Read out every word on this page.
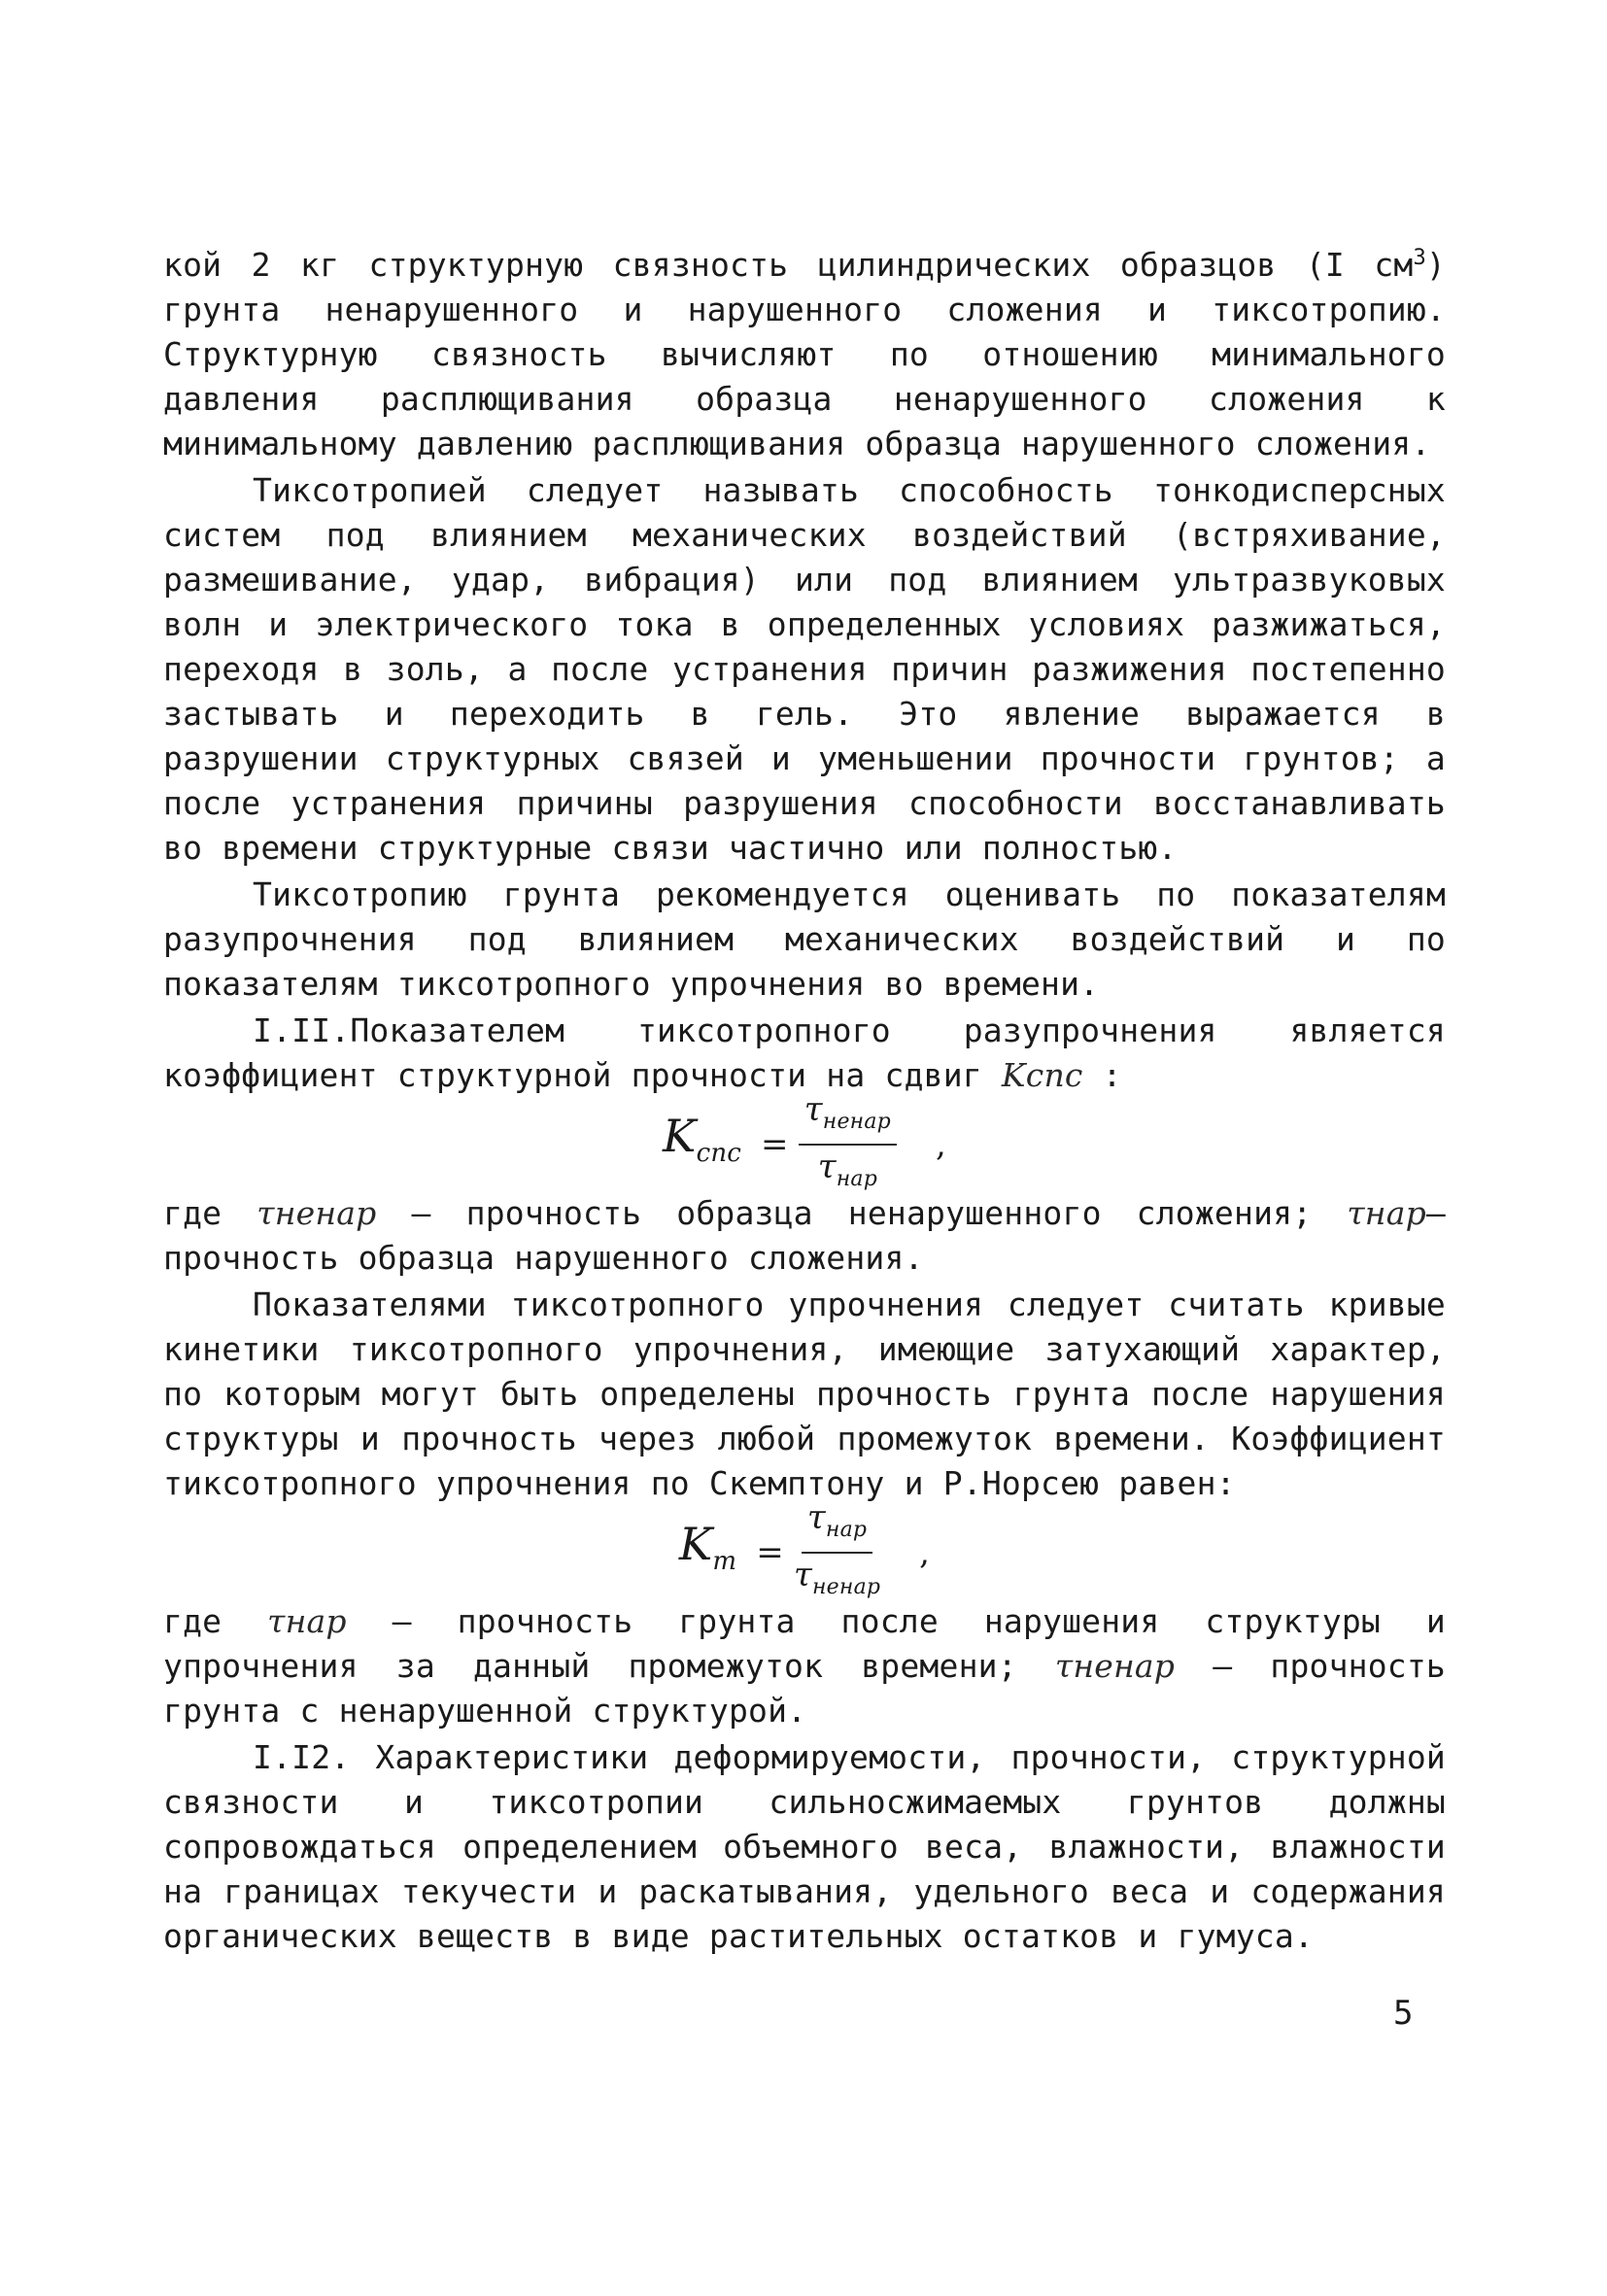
кой 2 кг структурную связность цилиндрических образцов (I $см^3$) грунта ненарушенного и нарушенного сложения и тиксотропию. Структурную связность вычисляют по отношению минимального давления расплющивания образца ненарушенного сложения к минимальному давлению расплющивания образца нарушенного сложения.

Тиксотропией следует называть способность тонкодисперсных систем под влиянием механических воздействий (встряхивание, размешивание, удар, вибрация) или под влиянием ультразвуковых волн и электрического тока в определенных условиях разжижаться, переходя в золь, а после устранения причин разжижения постепенно застывать и переходить в гель. Это явление выражается в разрушении структурных связей и уменьшении прочности грунтов; а после устранения причины разрушения способности восстанавливать во времени структурные связи частично или полностью.

Тиксотропию грунта рекомендуется оценивать по показателям разупрочнения под влиянием механических воздействий и по показателям тиксотропного упрочнения во времени.

I.II.Показателем тиксотропного разупрочнения является коэффициент структурной прочности на сдвиг Kспс :

$K_{спс} = \frac{\tau_{ненар}}{\tau_{нар}}$ ,

где τненар – прочность образца ненарушенного сложения; τнар–прочность образца нарушенного сложения.

Показателями тиксотропного упрочнения следует считать кривые кинетики тиксотропного упрочнения, имеющие затухающий характер, по которым могут быть определены прочность грунта после нарушения структуры и прочность через любой промежуток времени. Коэффициент тиксотропного упрочнения по Скемптону и Р.Норсею равен:

$K_m = \frac{\tau_{нар}}{\tau_{ненар}}$ ,

где τнар – прочность грунта после нарушения структуры и упрочнения за данный промежуток времени; τненар – прочность грунта с ненарушенной структурой.

I.I2. Характеристики деформируемости, прочности, структурной связности и тиксотропии сильносжимаемых грунтов должны сопровождаться определением объемного веса, влажности, влажности на границах текучести и раскатывания, удельного веса и содержания органических веществ в виде растительных остатков и гумуса.

5
